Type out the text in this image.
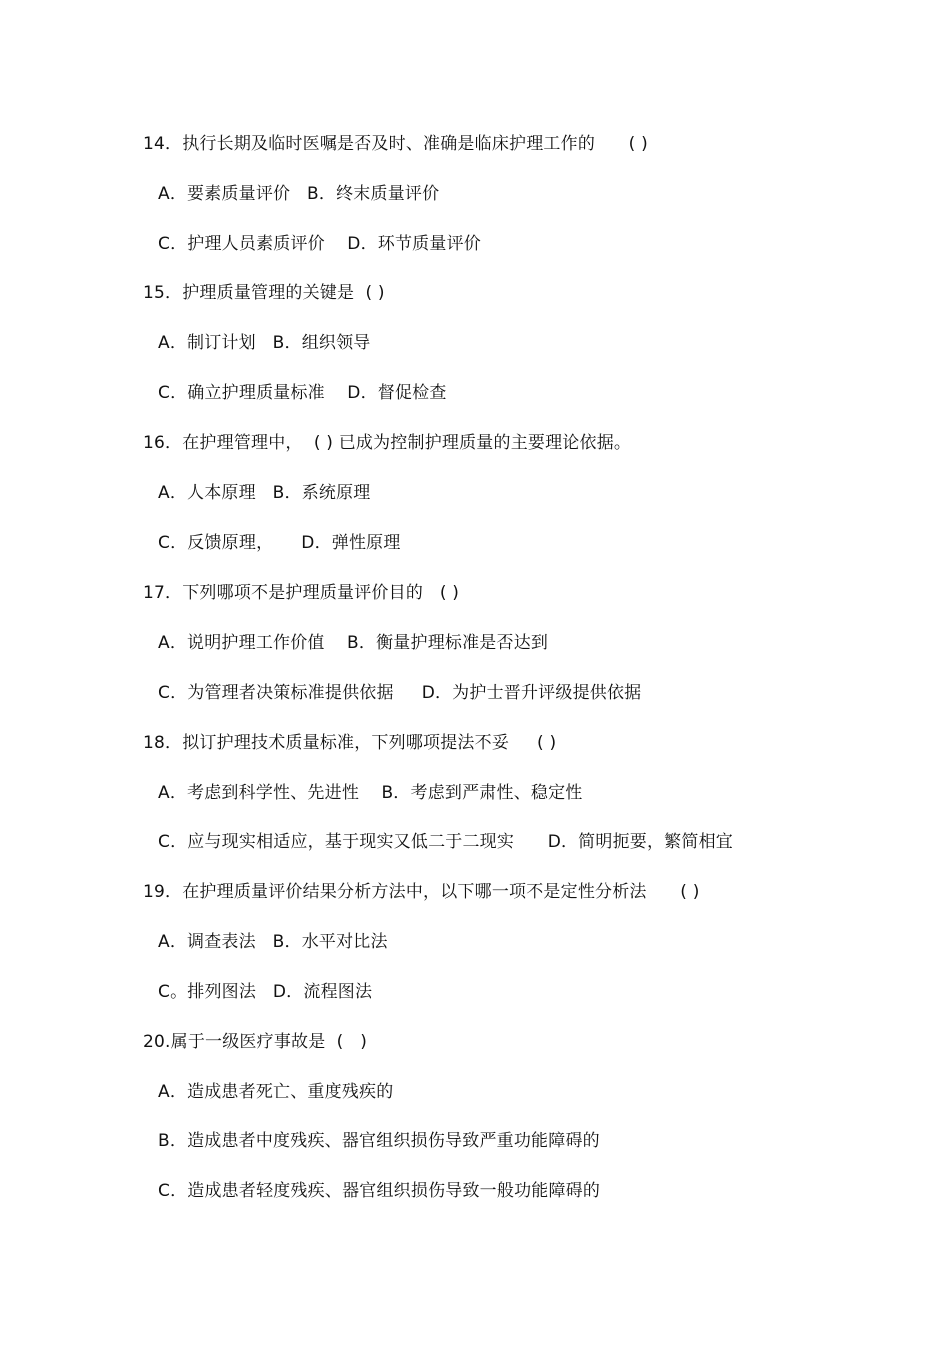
14．执行长期及临时医嘱是否及时、准确是临床护理工作的      ( )
A．要素质量评价   B．终末质量评价
C．护理人员素质评价    D．环节质量评价
15．护理质量管理的关键是  ( )
A．制订计划   B．组织领导
C．确立护理质量标准    D．督促检查
16．在护理管理中，  ( ) 已成为控制护理质量的主要理论依据。
A．人本原理   B．系统原理
C．反馈原理，     D．弹性原理
17．下列哪项不是护理质量评价目的   ( )
A．说明护理工作价值    B．衡量护理标准是否达到
C．为管理者决策标准提供依据     D．为护士晋升评级提供依据
18．拟订护理技术质量标准，下列哪项提法不妥     ( )
A．考虑到科学性、先进性    B．考虑到严肃性、稳定性
C．应与现实相适应，基于现实又低二于二现实      D．简明扼要，繁简相宜
19．在护理质量评价结果分析方法中，以下哪一项不是定性分析法      ( )
A．调查表法   B．水平对比法
C。排列图法   D．流程图法
20.属于一级医疗事故是  (   )
A．造成患者死亡、重度残疾的
B．造成患者中度残疾、器官组织损伤导致严重功能障碍的
C．造成患者轻度残疾、器官组织损伤导致一般功能障碍的
